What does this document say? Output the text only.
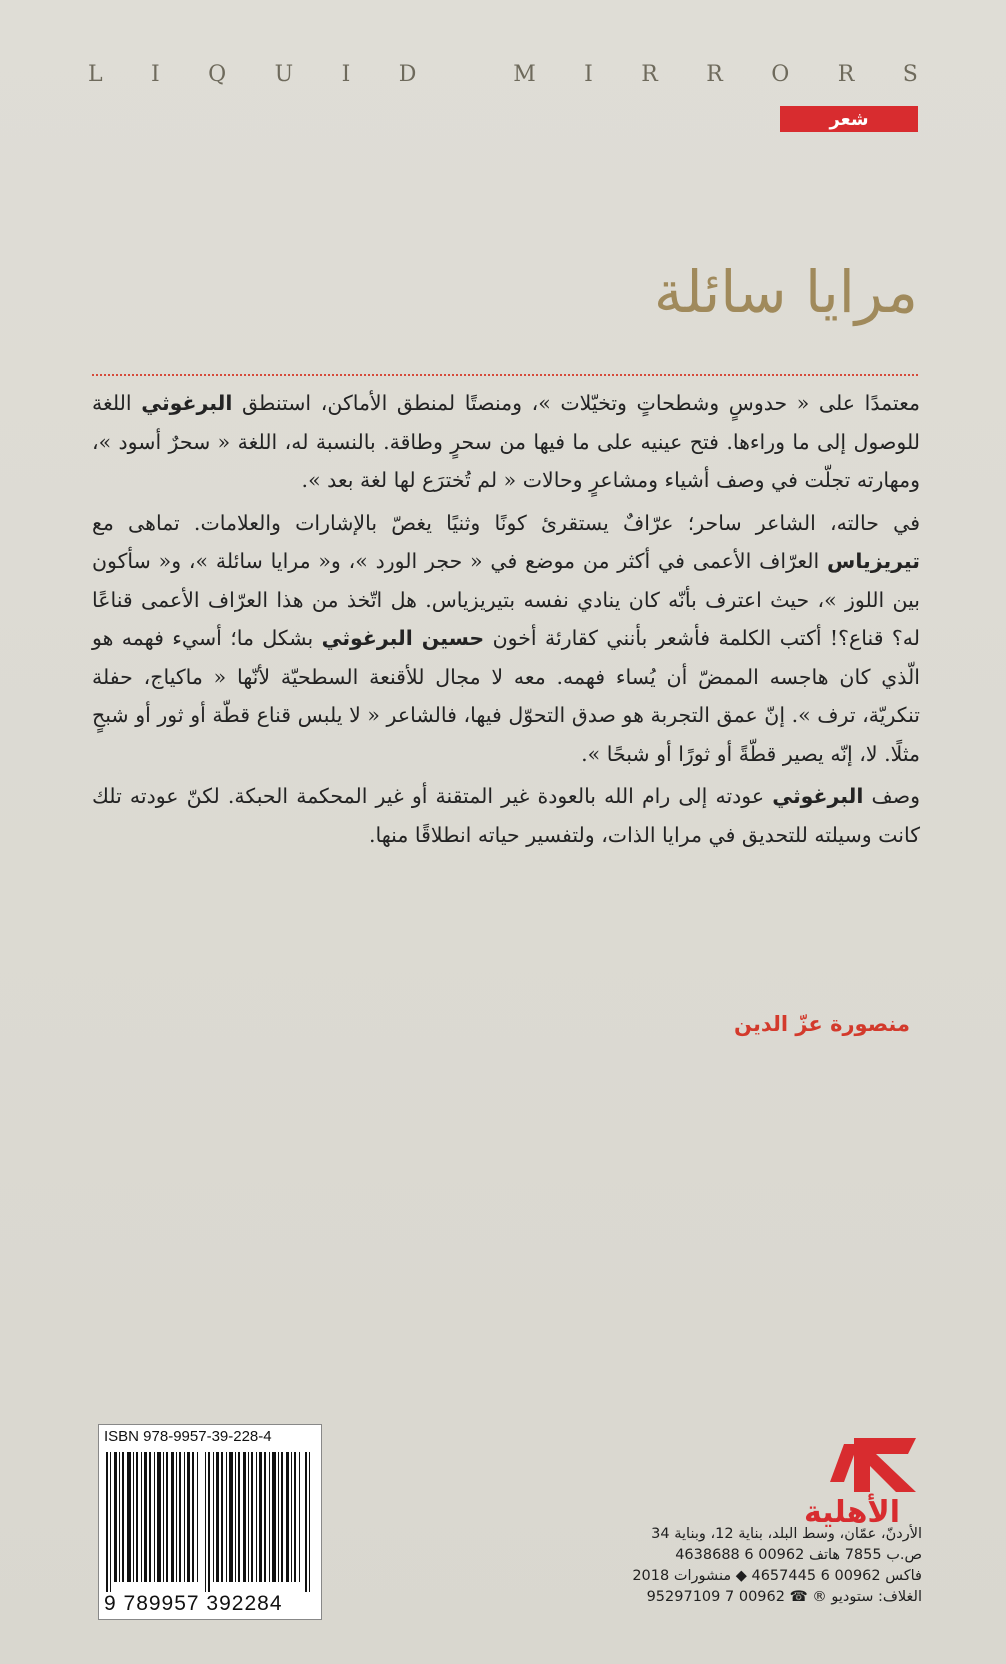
L I Q U I D	M I R R O R S
شعر
مرايا سائلة

معتمدًا على « حدوسٍ وشطحاتٍ وتخيّلات »، ومنصتًا لمنطق الأماكن، استنطق البرغوثي اللغة للوصول إلى ما وراءها. فتح عينيه على ما فيها من سحرٍ وطاقة. بالنسبة له، اللغة « سحرٌ أسود »، ومهارته تجلّت في وصف أشياء ومشاعرٍ وحالات « لم تُخترَع لها لغة بعد ».

في حالته، الشاعر ساحر؛ عرّافٌ يستقرئ كونًا وثنيًا يغصّ بالإشارات والعلامات. تماهى مع تيريزياس العرّاف الأعمى في أكثر من موضع في « حجر الورد »، و« مرايا سائلة »، و« سأكون بين اللوز »، حيث اعترف بأنّه كان ينادي نفسه بتيريزياس. هل اتّخذ من هذا العرّاف الأعمى قناعًا له؟ قناع؟! أكتب الكلمة فأشعر بأنني كقارئة أخون حسين البرغوثي بشكل ما؛ أسيء فهمه هو الّذي كان هاجسه الممضّ أن يُساء فهمه. معه لا مجال للأقنعة السطحيّة لأنّها « ماكياج، حفلة تنكريّة، ترف ». إنّ عمق التجربة هو صدق التحوّل فيها، فالشاعر « لا يلبس قناع قطّة أو ثور أو شبحٍ مثلًا. لا، إنّه يصير قطّةً أو ثورًا أو شبحًا ».

وصف البرغوثي عودته إلى رام الله بالعودة غير المتقنة أو غير المحكمة الحبكة. لكنّ عودته تلك كانت وسيلته للتحديق في مرايا الذات، ولتفسير حياته انطلاقًا منها.

منصورة عزّ الدين
ISBN 978-9957-39-228-4
9 789957 392284
الأهلية
الأردنّ، عمّان، وسط البلد، بناية 12، وبناية 34
ص.ب 7855 هاتف 00962 6 4638688
فاكس 00962 6 4657445 ◆ منشورات 2018
الغلاف: ستوديو ® ☎ 00962 7 95297109
